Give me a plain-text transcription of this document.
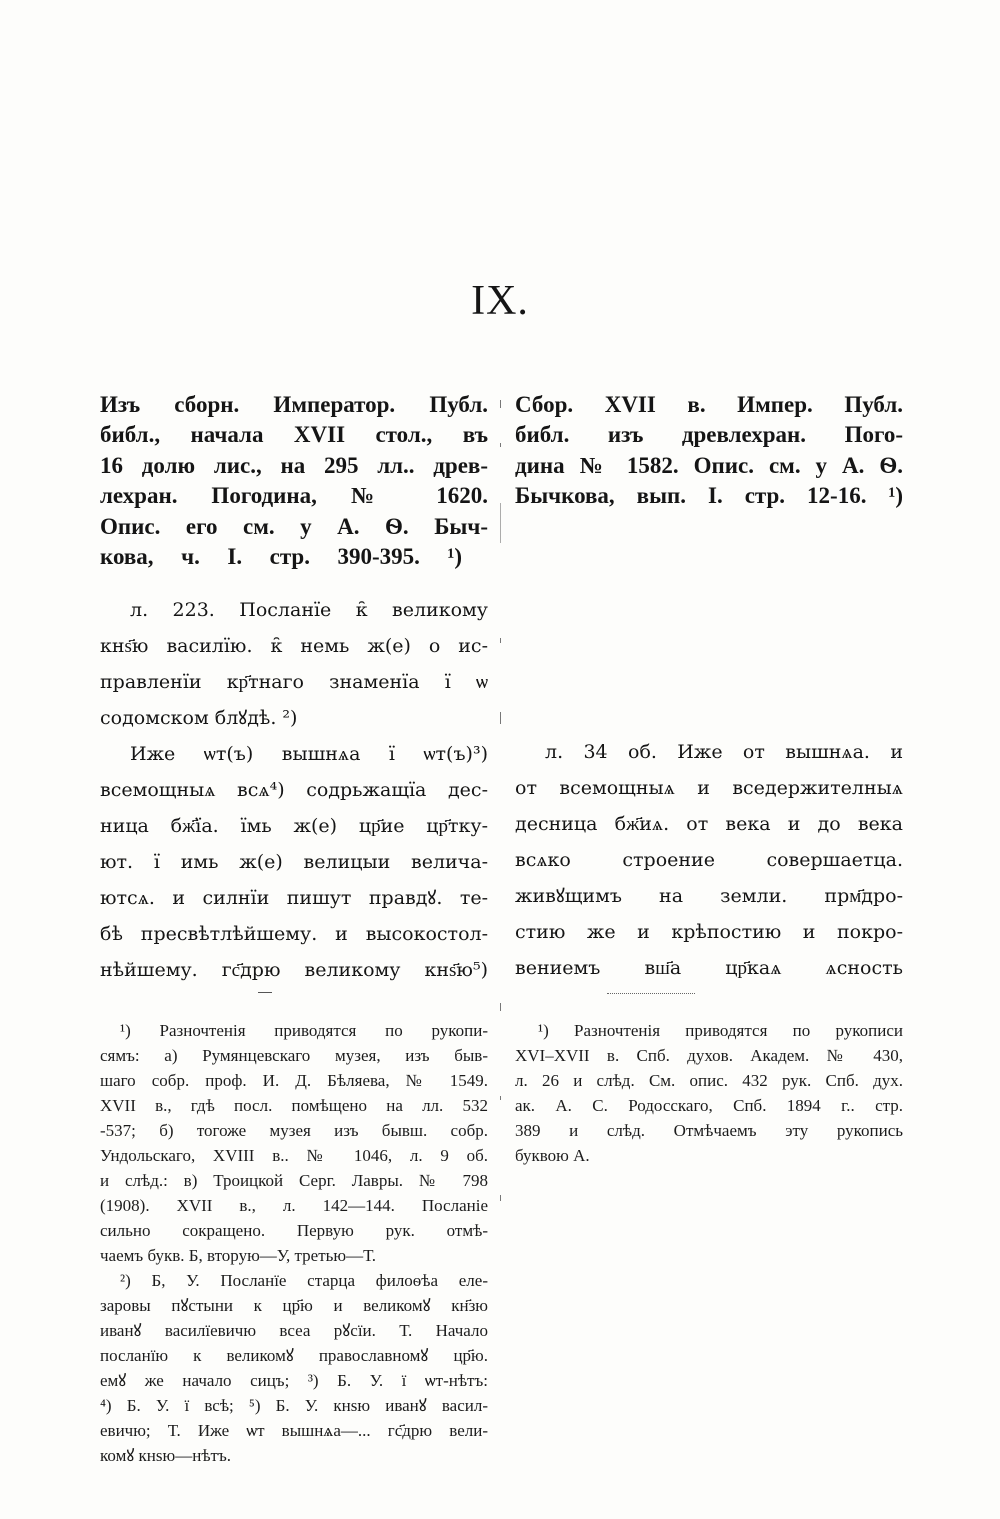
IX.
Изъ сборн. Император. Публ.
библ., начала XVII стол., въ
16 долю лис., на 295 лл.. древ-
лехран. Погодина, № 1620.
Опис. его см. у А. Ѳ. Быч-
кова, ч. I. стр. 390-395. ¹)
Сбор. XVII в. Импер. Публ.
библ. изъ древлехран. Пого-
дина № 1582. Опис. см. у А. Ѳ.
Бычкова, вып. I. стр. 12-16. ¹)
л. 223. Посланїе к̑ великому
кнѕ҃ю василїю. к̑ немь ж(е) о ис-
правленїи кр҃тнаго знаменїа ї ѡ
содомском блꙋдѣ. ²)
Иже ѡт(ъ) вышнѧа ї ѡт(ъ)³)
всемощныѧ всѧ⁴) содрьжащїа дес-
ница бж҃їа. їмь ж(е) цр҃ие цр҃тку-
ют. ї имь ж(е) велицыи велича-
ютсѧ. и силнїи пишут правдꙋ. те-
бѣ пресвѣтлѣйшему. и высокостол-
нѣйшему. гс҃дрю великому кнѕ҃ю⁵)
л. 34 об. Иже от вышнѧа. и
от всемощныѧ и вседержителныѧ
десница бж҃иѧ. от века и до века
всѧко строение совершаетца.
живꙋщимъ на земли. прм҃дро-
стию же и крѣпостию и покро-
вениемъ вш҃а цр҃каѧ ѧсность
¹) Разночтенія приводятся по рукопи-
сямъ: а) Румянцевскаго музея, изъ быв-
шаго собр. проф. И. Д. Бѣляева, № 1549.
XVII в., гдѣ посл. помѣщено на лл. 532
-537; б) тогоже музея изъ бывш. собр.
Ундольскаго, XVIII в.. № 1046, л. 9 об.
и слѣд.: в) Троицкой Серг. Лавры. № 798
(1908). XVII в., л. 142—144. Посланіе
сильно сокращено. Первую рук. отмѣ-
чаемъ букв. Б, вторую—У, третью—Т.
²) Б, У. Посланїе старца филоѳѣа еле-
заровы пꙋстыни к цр҃ю и великомꙋ кн҃зю
иванꙋ василїевичю всеа рꙋсїи. Т. Начало
посланїю к великомꙋ православномꙋ цр҃ю.
емꙋ же начало сицъ; ³) Б. У. ї ѡт-нѣтъ:
⁴) Б. У. ї всѣ; ⁵) Б. У. кнѕю иванꙋ васил-
евичю; Т. Иже ѡт вышнѧа—... гс҃дрю вели-
комꙋ кнѕю—нѣтъ.
¹) Разночтенія приводятся по рукописи
XVI–XVII в. Спб. духов. Академ. № 430,
л. 26 и слѣд. См. опис. 432 рук. Спб. дух.
ак. А. С. Родосскаго, Спб. 1894 г.. стр.
389 и слѣд. Отмѣчаемъ эту рукопись
буквою А.
